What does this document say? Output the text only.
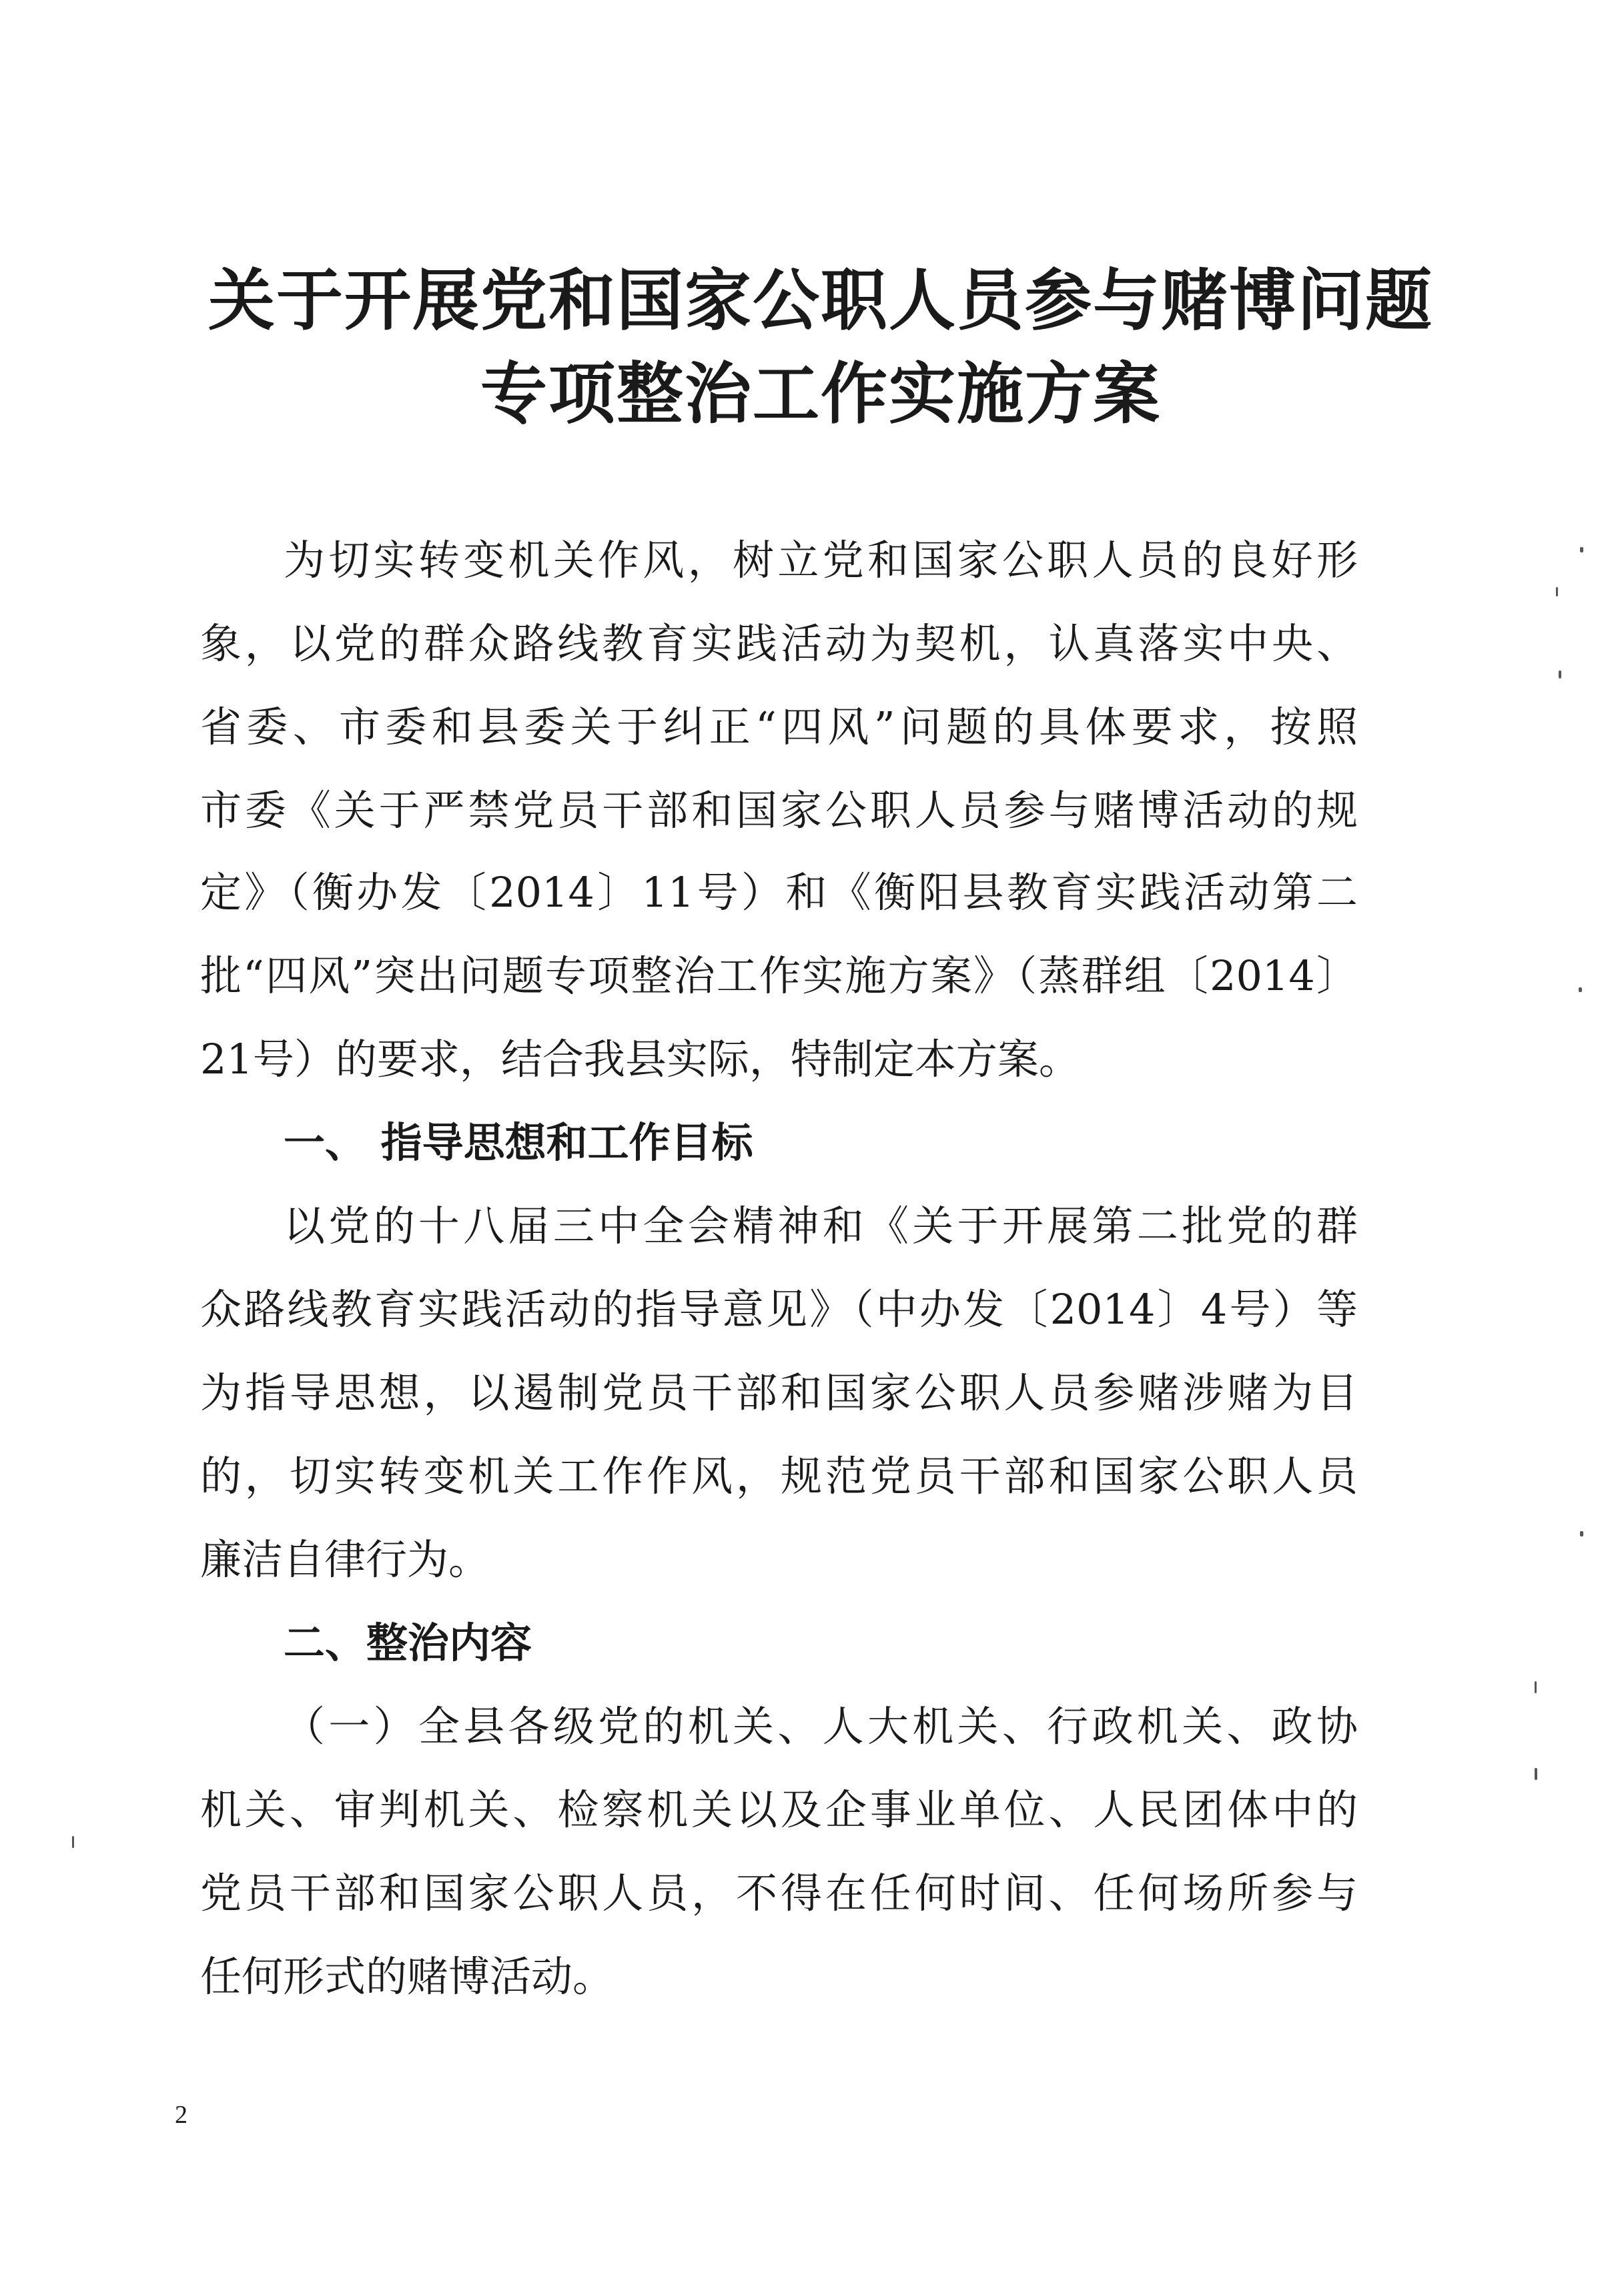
关于开展党和国家公职人员参与赌博问题
专项整治工作实施方案
为切实转变机关作风，树立党和国家公职人员的良好形
象，以党的群众路线教育实践活动为契机，认真落实中央、
省委、市委和县委关于纠正“四风”问题的具体要求，按照
市委《关于严禁党员干部和国家公职人员参与赌博活动的规
定》（衡办发〔2014〕11号）和《衡阳县教育实践活动第二
批“四风”突出问题专项整治工作实施方案》（蒸群组〔2014〕
21号）的要求，结合我县实际，特制定本方案。
一、 指导思想和工作目标
以党的十八届三中全会精神和《关于开展第二批党的群
众路线教育实践活动的指导意见》（中办发〔2014〕4号）等
为指导思想，以遏制党员干部和国家公职人员参赌涉赌为目
的，切实转变机关工作作风，规范党员干部和国家公职人员
廉洁自律行为。
二、整治内容
（一）全县各级党的机关、人大机关、行政机关、政协
机关、审判机关、检察机关以及企事业单位、人民团体中的
党员干部和国家公职人员，不得在任何时间、任何场所参与
任何形式的赌博活动。
2
